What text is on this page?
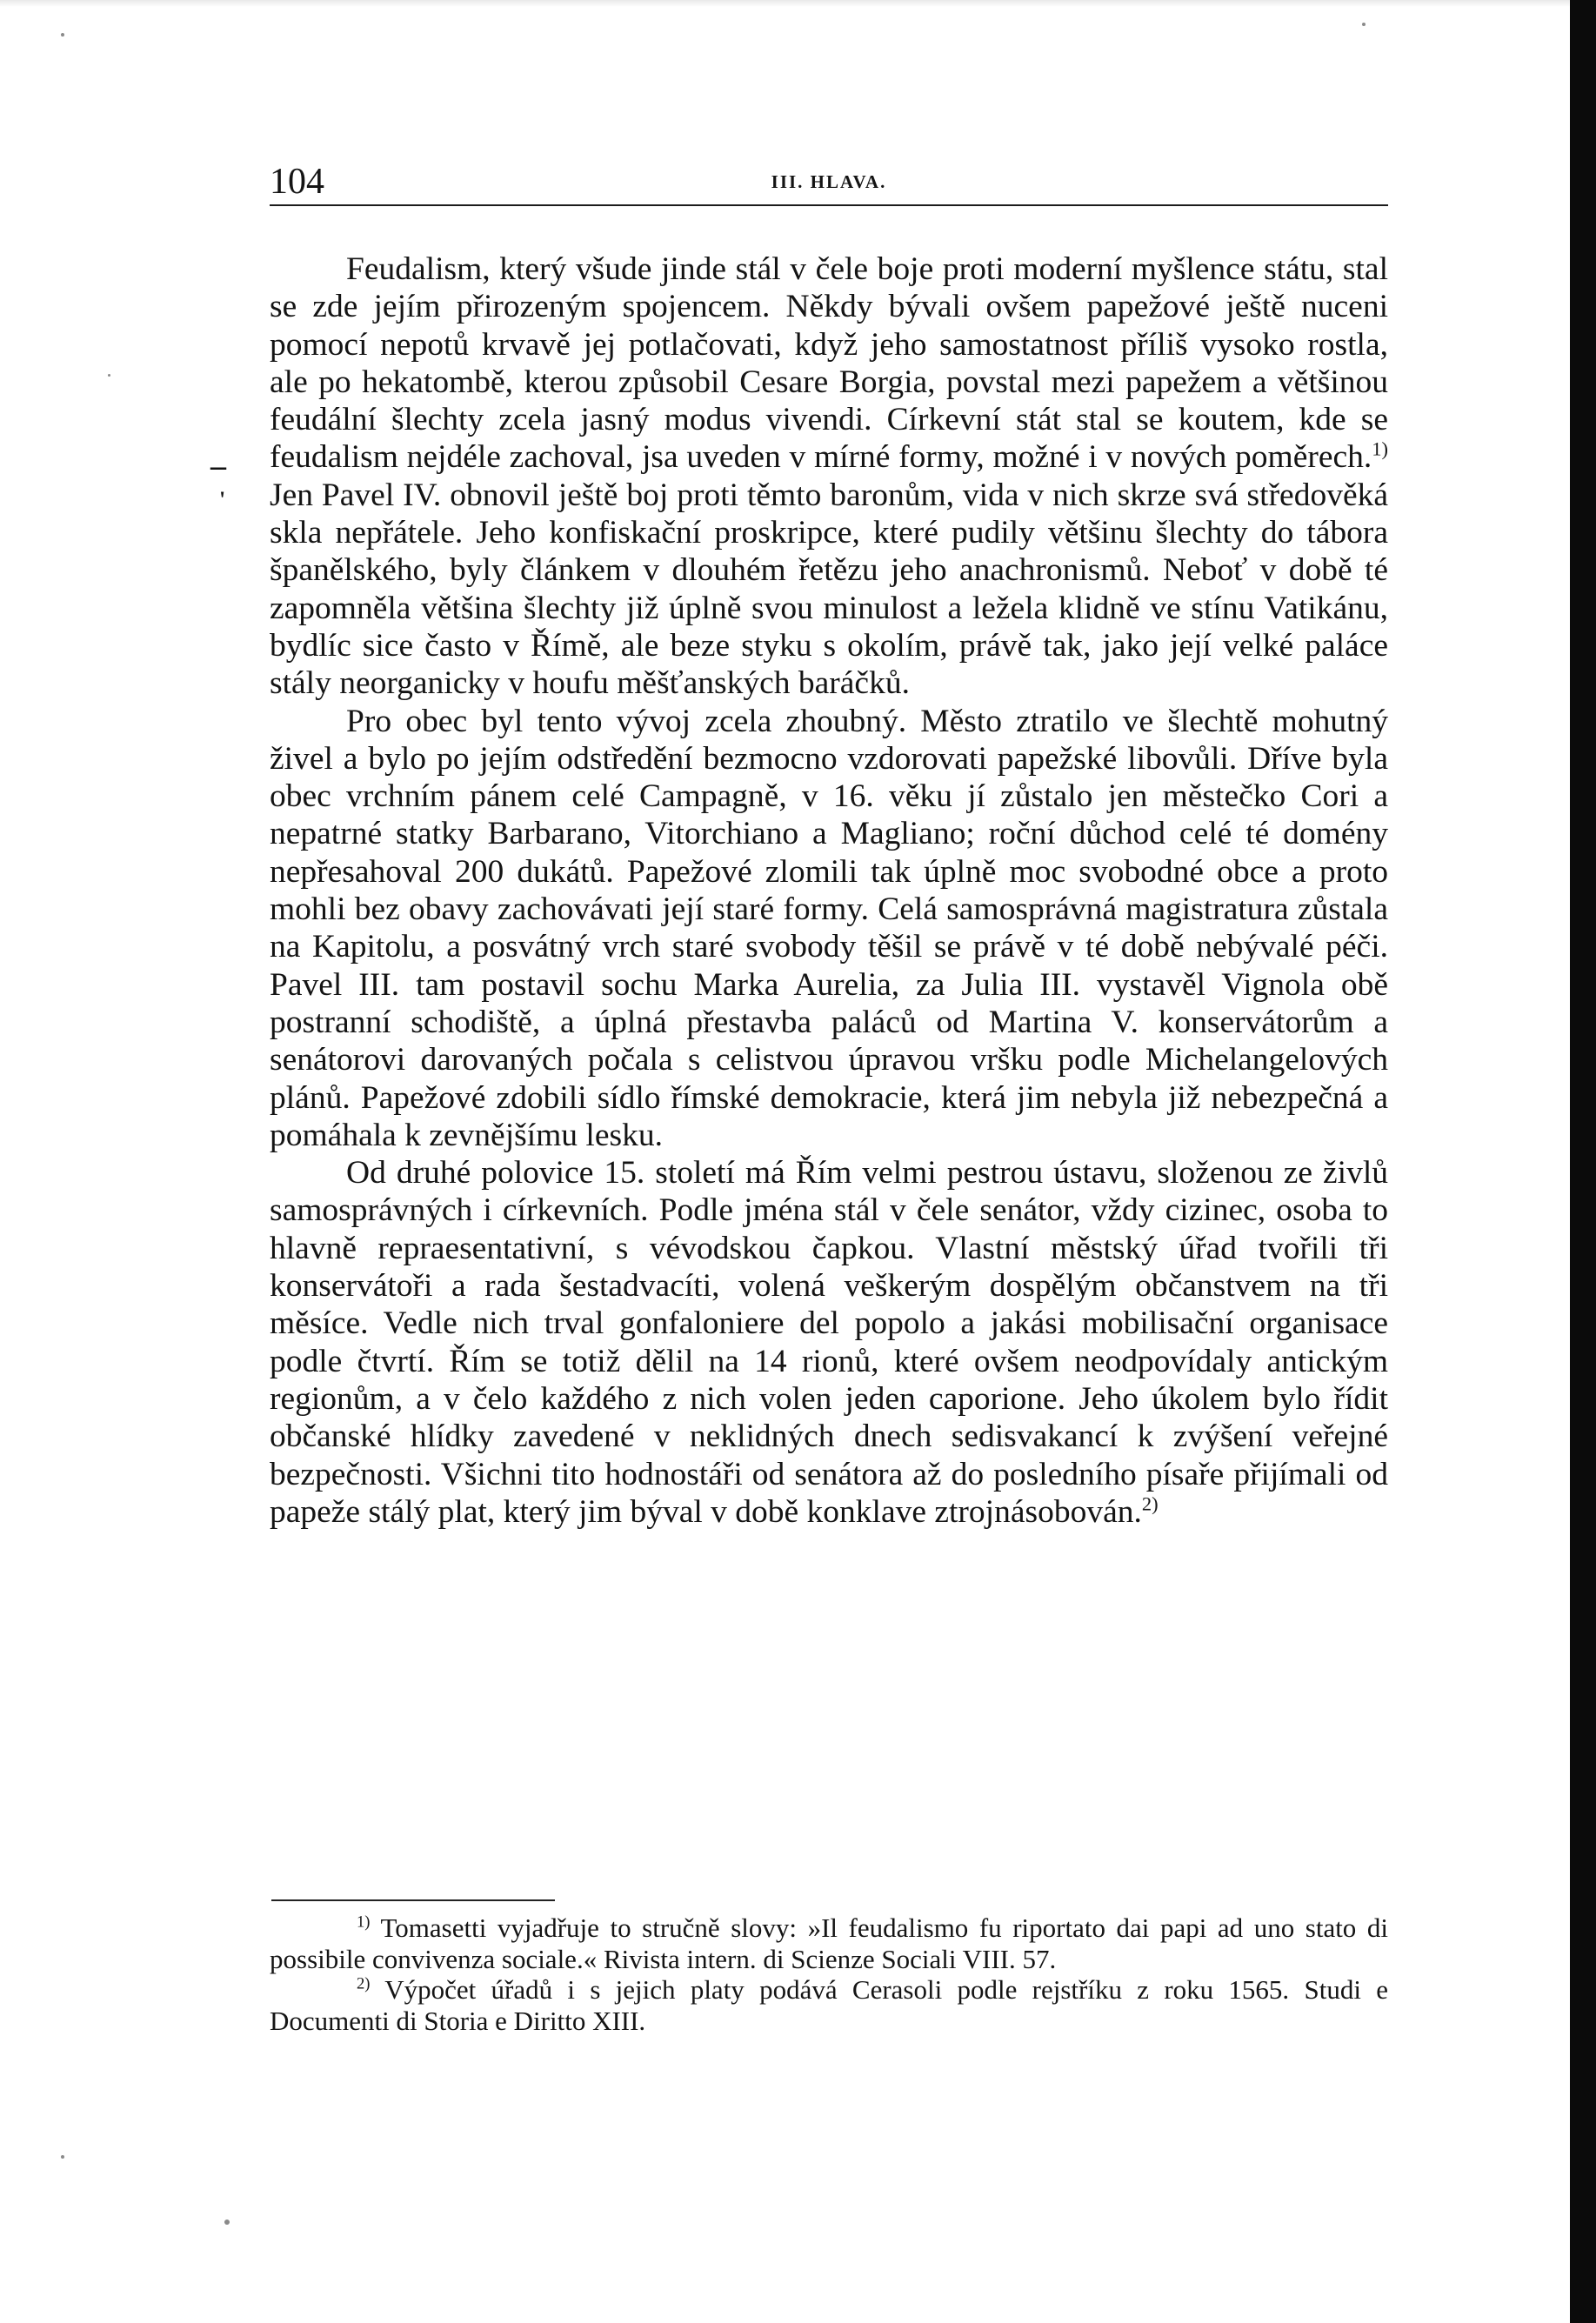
104	III. HLAVA.
–
'

Feudalism, který všude jinde stál v čele boje proti moderní myšlence státu, stal se zde jejím přirozeným spojencem. Někdy bývali ovšem papežové ještě nuceni pomocí nepotů krvavě jej potlačovati, když jeho samostatnost příliš vysoko rostla, ale po hekatombě, kterou způsobil Cesare Borgia, povstal mezi papežem a většinou feudální šlechty zcela jasný modus vivendi. Církevní stát stal se koutem, kde se feudalism nejdéle zachoval, jsa uveden v mírné formy, možné i v nových poměrech.$^{1)}$ Jen Pavel IV. obnovil ještě boj proti těmto baronům, vida v nich skrze svá středověká skla nepřátele. Jeho konfiskační proskripce, které pudily většinu šlechty do tábora španělského, byly článkem v dlouhém řetězu jeho anachronismů. Neboť v době té zapomněla většina šlechty již úplně svou minulost a ležela klidně ve stínu Vatikánu, bydlíc sice často v Římě, ale beze styku s okolím, právě tak, jako její velké paláce stály neorganicky v houfu měšťanských baráčků.

Pro obec byl tento vývoj zcela zhoubný. Město ztratilo ve šlechtě mohutný živel a bylo po jejím odstředění bezmocno vzdorovati papežské libovůli. Dříve byla obec vrchním pánem celé Campagně, v 16. věku jí zůstalo jen městečko Cori a nepatrné statky Barbarano, Vitorchiano a Magliano; roční důchod celé té domény nepřesahoval 200 dukátů. Papežové zlomili tak úplně moc svobodné obce a proto mohli bez obavy zachovávati její staré formy. Celá samosprávná magistratura zůstala na Kapitolu, a posvátný vrch staré svobody těšil se právě v té době nebývalé péči. Pavel III. tam postavil sochu Marka Aurelia, za Julia III. vystavěl Vignola obě postranní schodiště, a úplná přestavba paláců od Martina V. konservátorům a senátorovi darovaných počala s celistvou úpravou vršku podle Michelangelových plánů. Papežové zdobili sídlo římské demokracie, která jim nebyla již nebezpečná a pomáhala k zevnějšímu lesku.

Od druhé polovice 15. století má Řím velmi pestrou ústavu, složenou ze živlů samosprávných i církevních. Podle jména stál v čele senátor, vždy cizinec, osoba to hlavně repraesentativní, s vévodskou čapkou. Vlastní městský úřad tvořili tři konservátoři a rada šestadvacíti, volená veškerým dospělým občanstvem na tři měsíce. Vedle nich trval gonfaloniere del popolo a jakási mobilisační organisace podle čtvrtí. Řím se totiž dělil na 14 rionů, které ovšem neodpovídaly antickým regionům, a v čelo každého z nich volen jeden caporione. Jeho úkolem bylo řídit občanské hlídky zavedené v neklidných dnech sedisvakancí k zvýšení veřejné bezpečnosti. Všichni tito hodnostáři od senátora až do posledního písaře přijímali od papeže stálý plat, který jim býval v době konklave ztrojnásobován.$^{2)}$

$^{1)}$ Tomasetti vyjadřuje to stručně slovy: »Il feudalismo fu riportato dai papi ad uno stato di possibile convivenza sociale.« Rivista intern. di Scienze Sociali VIII. 57.

$^{2)}$ Výpočet úřadů i s jejich platy podává Cerasoli podle rejstříku z roku 1565. Studi e Documenti di Storia e Diritto XIII.
